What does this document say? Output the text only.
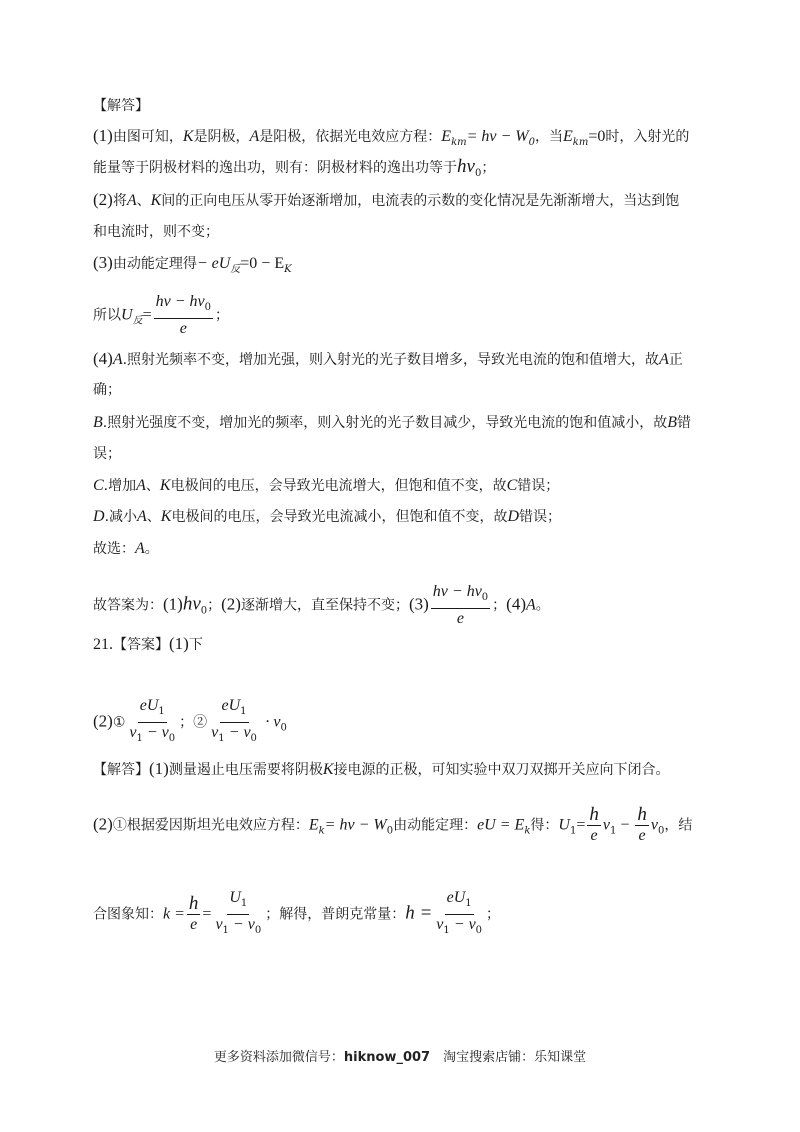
【解答】
(1)由图可知，K是阴极，A是阳极，依据光电效应方程：$E_{km}= h\nu - W_0$，当$E_{km}=0$时，入射光的
能量等于阴极材料的逸出功，则有：阴极材料的逸出功等于$h\nu_0$；
(2)将A、K间的正向电压从零开始逐渐增加，电流表的示数的变化情况是先渐渐增大，当达到饱
和电流时，则不变；
(3)由动能定理得− $eU_反=0 - E_K$
所以$U_反= \frac{h\nu - h\nu_0}{e}$ ；
(4)A.照射光频率不变，增加光强，则入射光的光子数目增多，导致光电流的饱和值增大，故A正
确；
B.照射光强度不变，增加光的频率，则入射光的光子数目减少，导致光电流的饱和值减小，故B错
误；
C.增加A、K电极间的电压，会导致光电流增大，但饱和值不变，故C错误；
D.减小A、K电极间的电压，会导致光电流减小，但饱和值不变，故D错误；
故选：A。
故答案为：$(1)h\nu_0$；(2)逐渐增大，直至保持不变；$(3) \frac{h\nu - h\nu_0}{e}$ ；(4)A。
21.【答案】(1)下
(2)① $\frac{eU_1}{\nu_1 - \nu_0}$ ；② $\frac{eU_1}{\nu_1 - \nu_0} \cdot \nu_0$
【解答】(1)测量遏止电压需要将阴极K接电源的正极，可知实验中双刀双掷开关应向下闭合。
(2)①根据爱因斯坦光电效应方程：$E_k= h\nu - W_0$由动能定理：eU = $E_k$得：$U_1= \frac{h}{e} \nu_1 - \frac{h}{e} \nu_0$，结
合图象知：$k = \frac{h}{e} = \frac{U_1}{\nu_1 - \nu_0}$ ；解得，普朗克常量：$h = \frac{eU_1}{\nu_1 - \nu_0}$ ；
更多资料添加微信号：hiknow_007　淘宝搜索店铺：乐知课堂
